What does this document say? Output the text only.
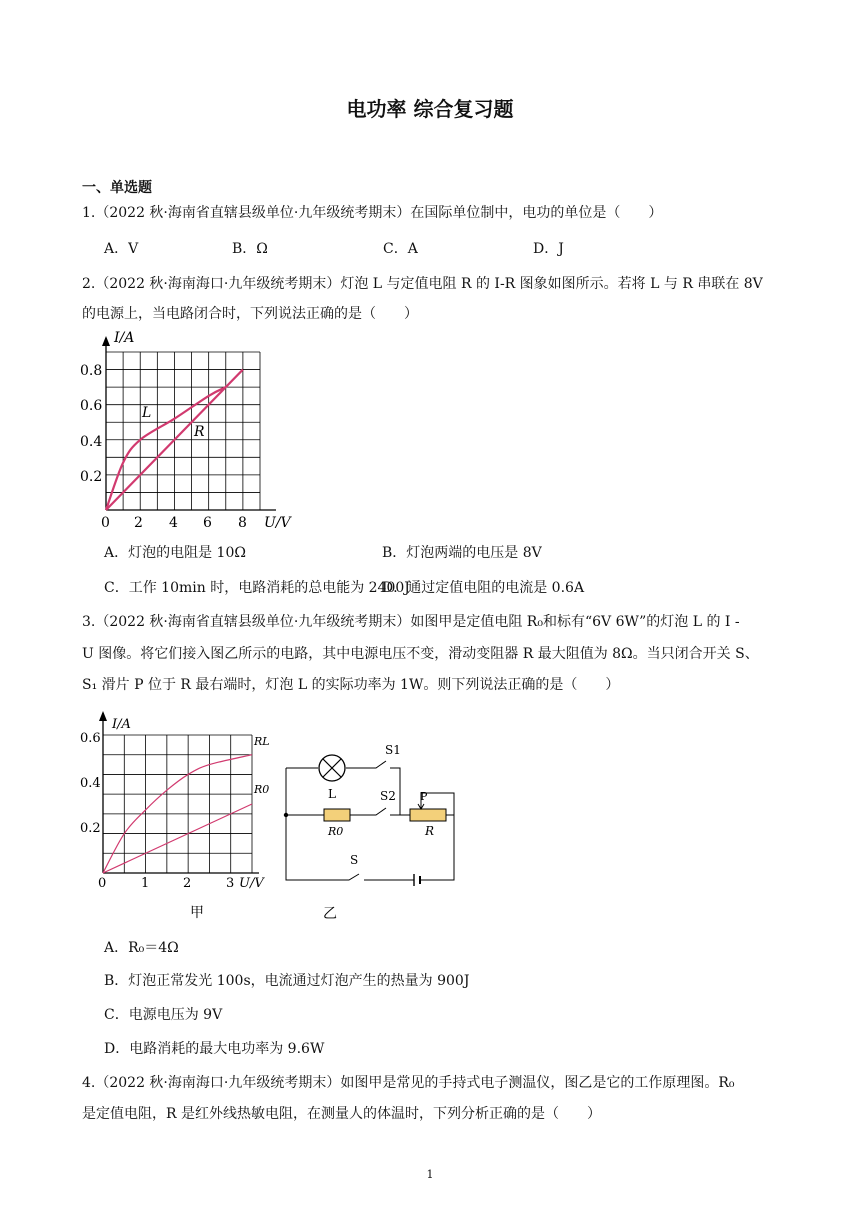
电功率 综合复习题
一、单选题
1.（2022 秋·海南省直辖县级单位·九年级统考期末）在国际单位制中，电功的单位是（　　）
A．V	B．Ω	C．A	D．J
2.（2022 秋·海南海口·九年级统考期末）灯泡 L 与定值电阻 R 的 I-R 图象如图所示。若将 L 与 R 串联在 8V
的电源上，当电路闭合时，下列说法正确的是（　　）
I/A
U/V
0.8
0.6
0.4
0.2
0 2 4 6 8
L
R
A．灯泡的电阻是 10Ω	B．灯泡两端的电压是 8V
C．工作 10min 时，电路消耗的总电能为 2400J
D．通过定值电阻的电流是 0.6A
3.（2022 秋·海南省直辖县级单位·九年级统考期末）如图甲是定值电阻 R₀和标有“6V 6W”的灯泡 L 的 I -
U 图像。将它们接入图乙所示的电路，其中电源电压不变，滑动变阻器 R 最大阻值为 8Ω。当只闭合开关 S、
S₁ 滑片 P 位于 R 最右端时，灯泡 L 的实际功率为 1W。则下列说法正确的是（　　）
I/A
U/V
0.6
0.4
0.2
0	1	2	3
RL
R0
甲
S1
S2
S
L
R0	R
P
乙
A．R₀＝4Ω
B．灯泡正常发光 100s，电流通过灯泡产生的热量为 900J
C．电源电压为 9V
D．电路消耗的最大电功率为 9.6W
4.（2022 秋·海南海口·九年级统考期末）如图甲是常见的手持式电子测温仪，图乙是它的工作原理图。R₀
是定值电阻，R 是红外线热敏电阻，在测量人的体温时，下列分析正确的是（　　）
1
